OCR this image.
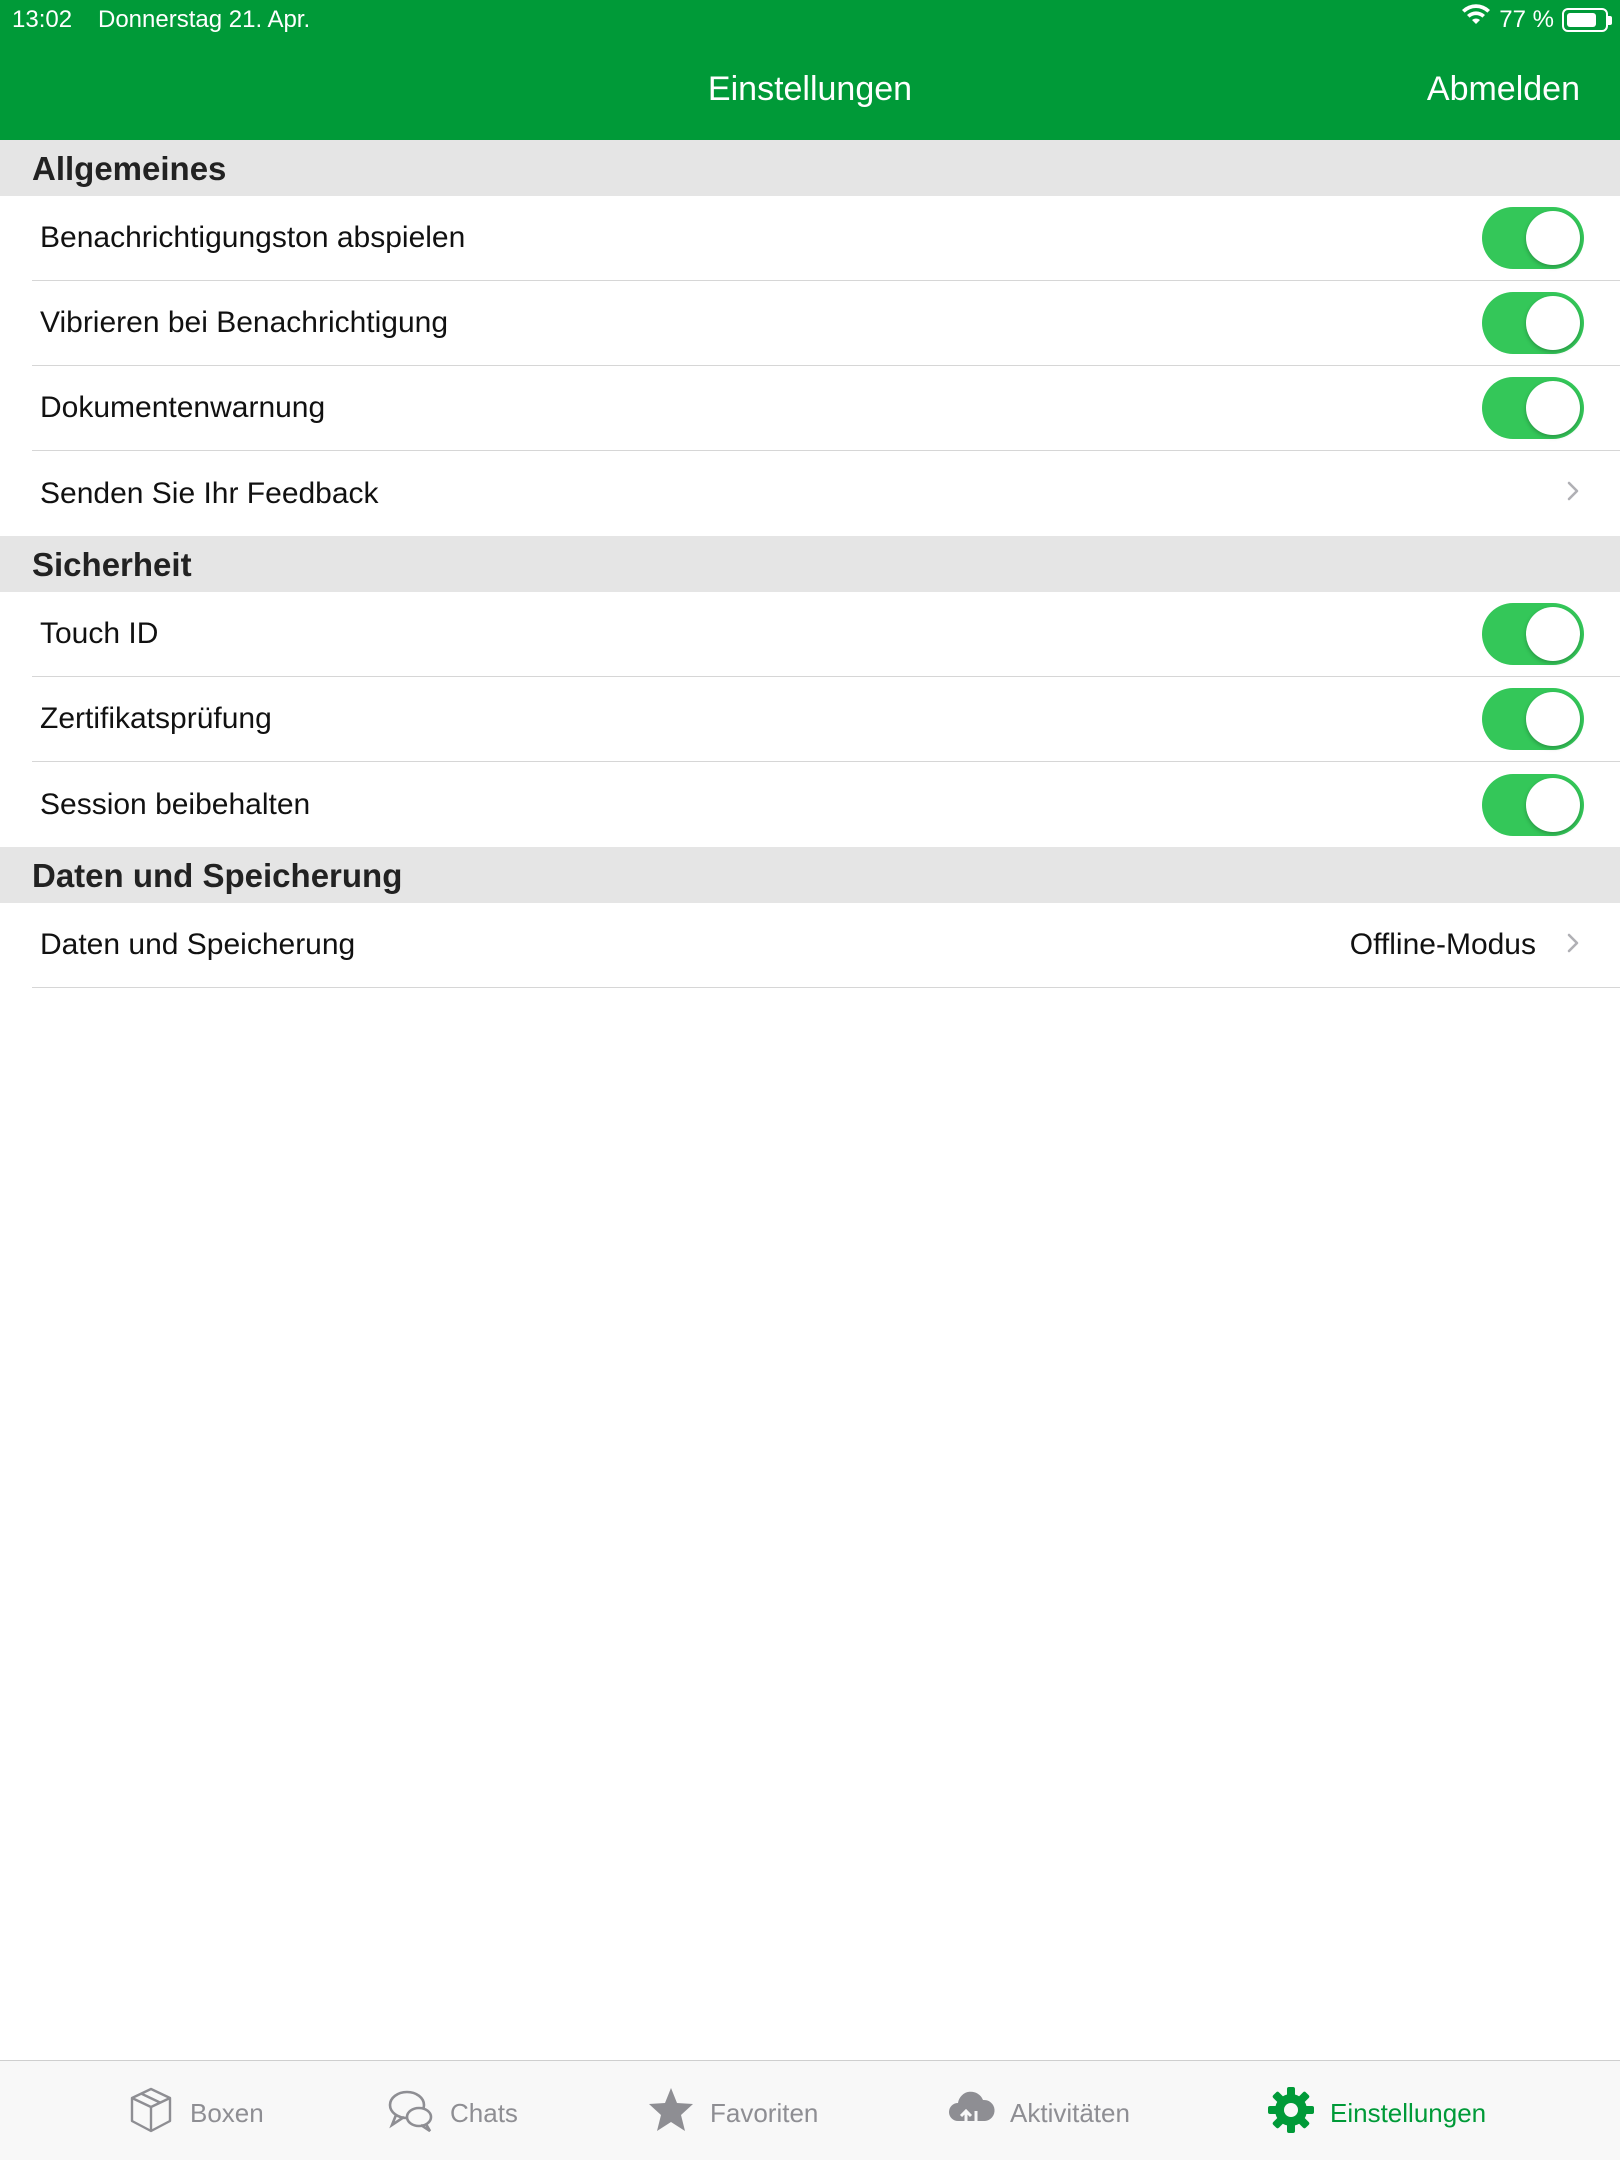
13:02 Donnerstag 21. Apr.	77 %
Einstellungen	Abmelden
Allgemeines
Benachrichtigungston abspielen
Vibrieren bei Benachrichtigung
Dokumentenwarnung
Senden Sie Ihr Feedback
Sicherheit
Touch ID
Zertifikatsprüfung
Session beibehalten
Daten und Speicherung
Daten und Speicherung	Offline-Modus
Boxen	Chats	Favoriten	Aktivitäten	Einstellungen
